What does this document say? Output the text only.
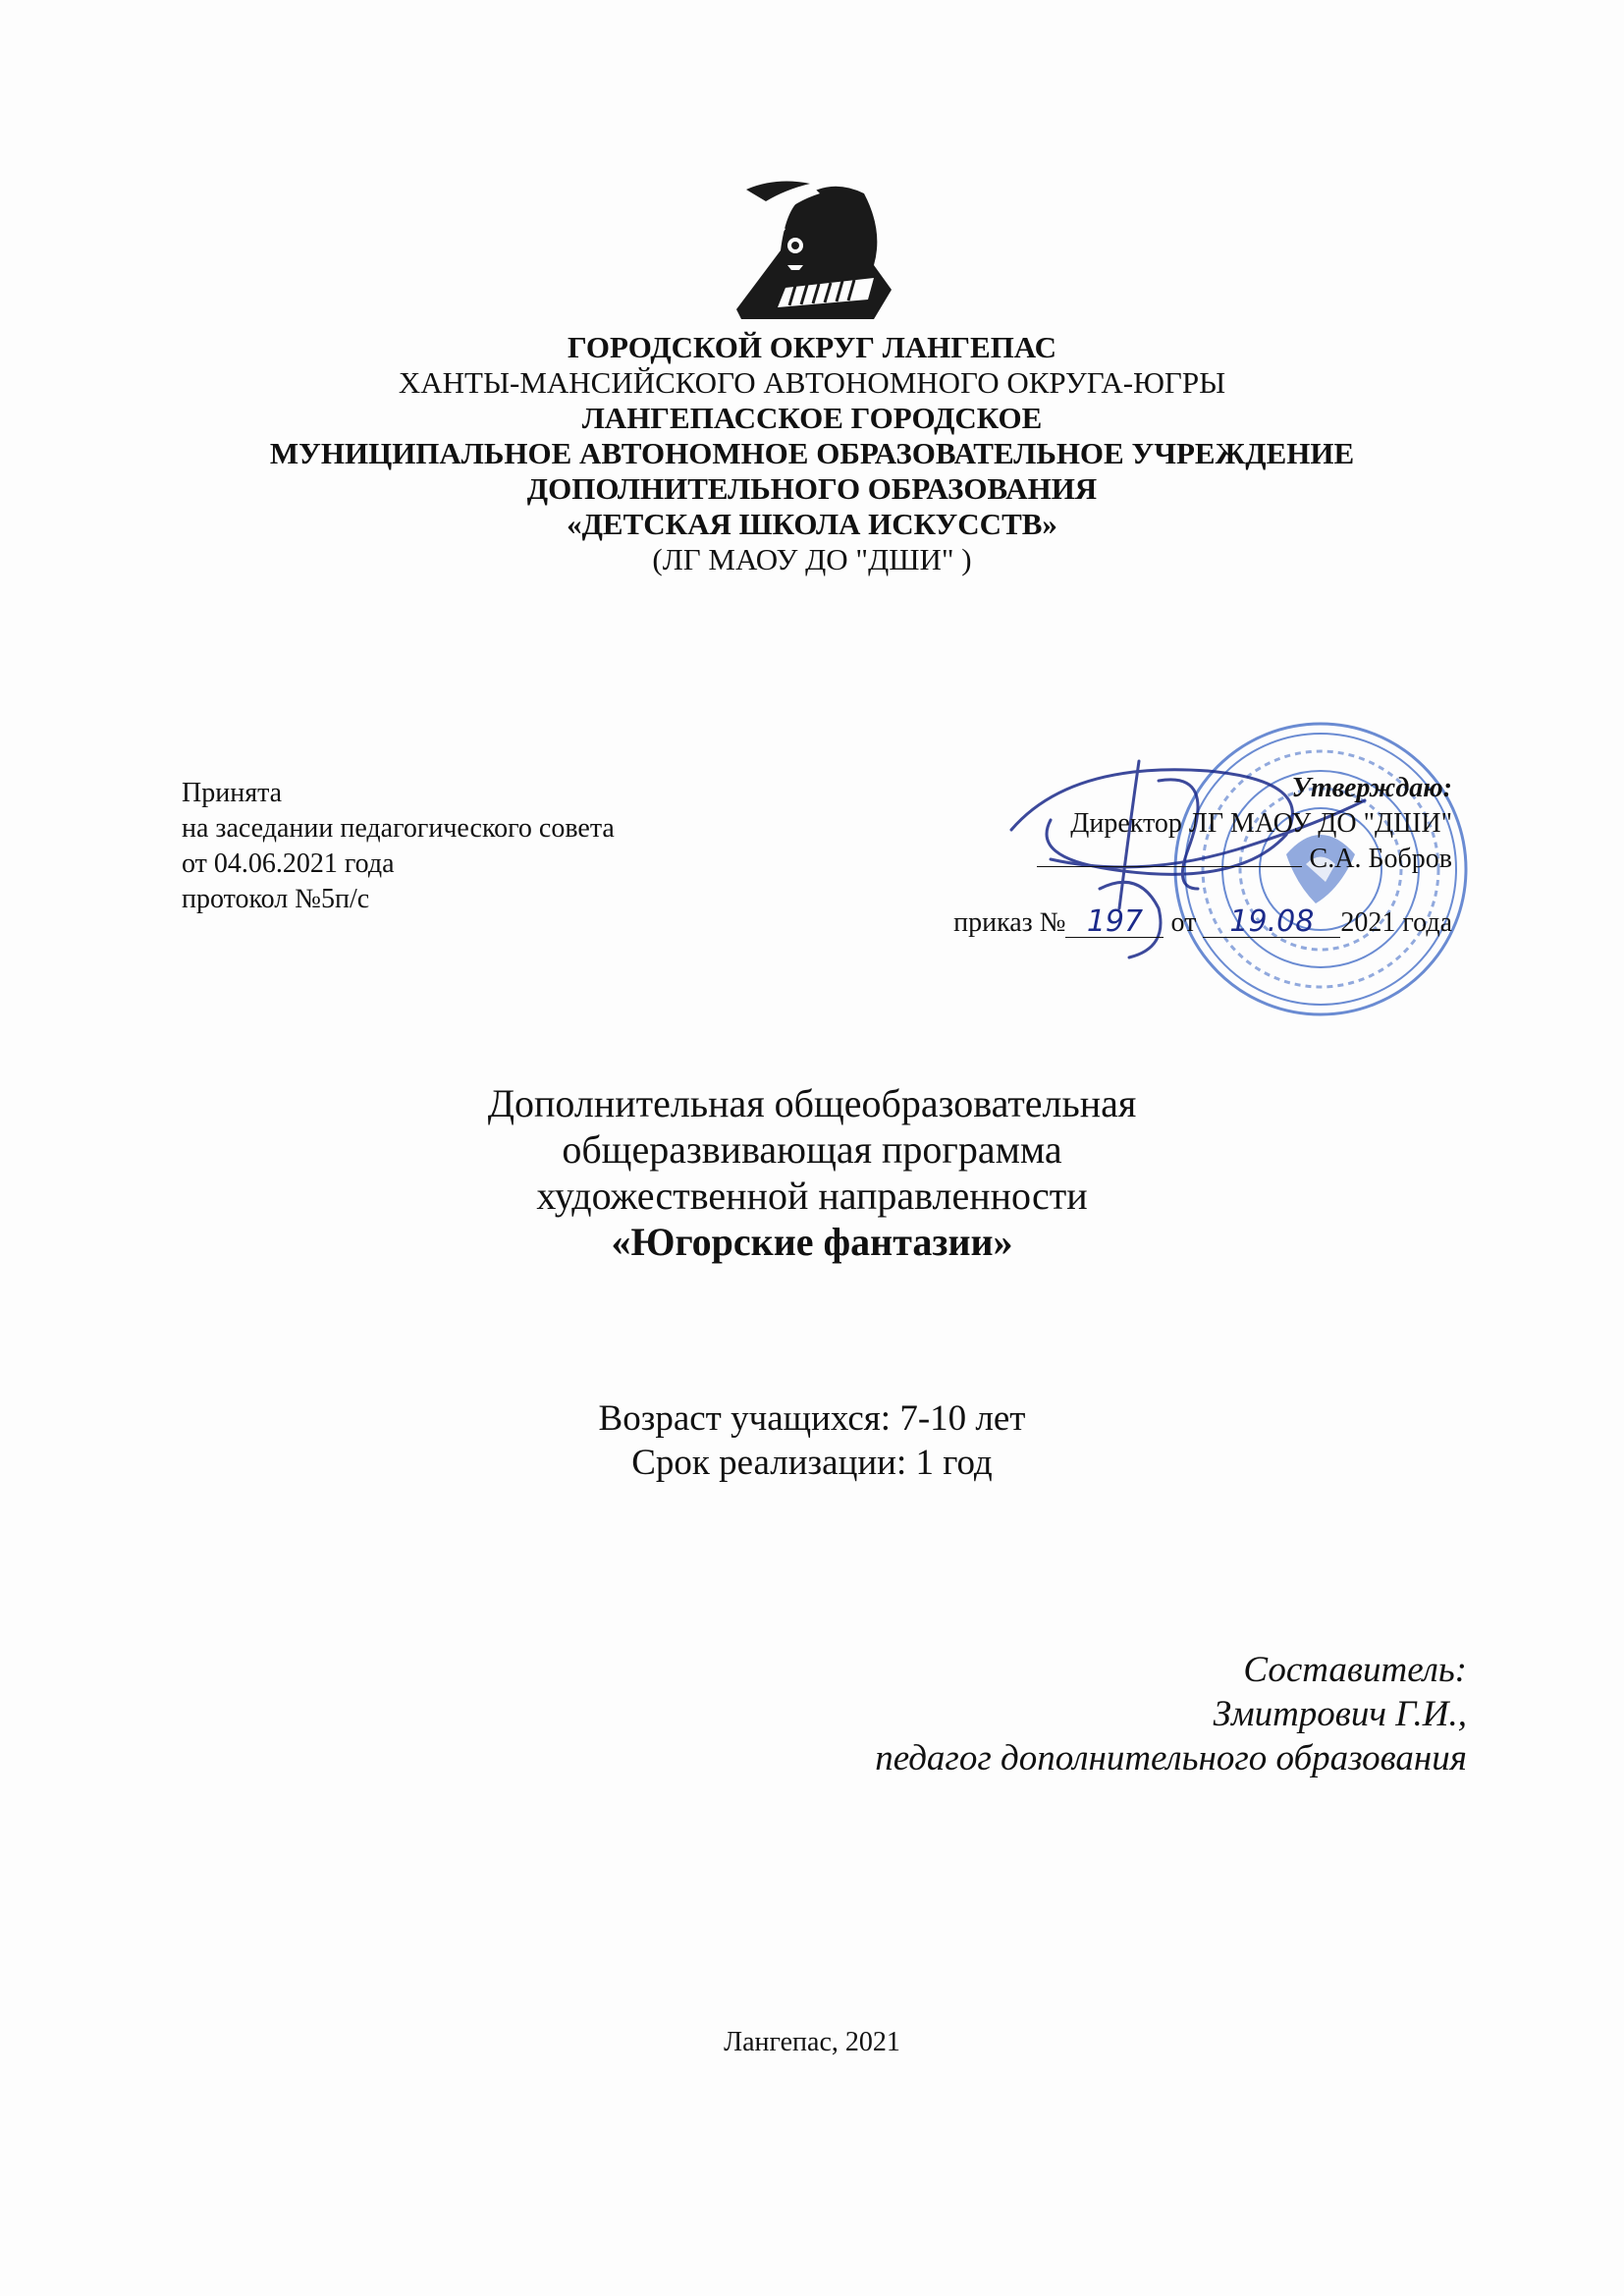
ГОРОДСКОЙ ОКРУГ ЛАНГЕПАС
ХАНТЫ-МАНСИЙСКОГО АВТОНОМНОГО ОКРУГА-ЮГРЫ
ЛАНГЕПАССКОЕ ГОРОДСКОЕ
МУНИЦИПАЛЬНОЕ АВТОНОМНОЕ ОБРАЗОВАТЕЛЬНОЕ УЧРЕЖДЕНИЕ
ДОПОЛНИТЕЛЬНОГО ОБРАЗОВАНИЯ
«ДЕТСКАЯ ШКОЛА ИСКУССТВ»
(ЛГ МАОУ ДО "ДШИ" )
Принята
на заседании педагогического совета
от 04.06.2021 года
протокол №5п/с
Утверждаю:
Директор ЛГ МАОУ ДО "ДШИ"
С.А. Бобров
приказ № 197 от 19.08 2021 года
Дополнительная общеобразовательная
общеразвивающая программа
художественной направленности
«Югорские фантазии»
Возраст учащихся: 7-10 лет
Срок реализации: 1 год
Составитель:
Змитрович Г.И.,
педагог дополнительного образования
Лангепас, 2021
